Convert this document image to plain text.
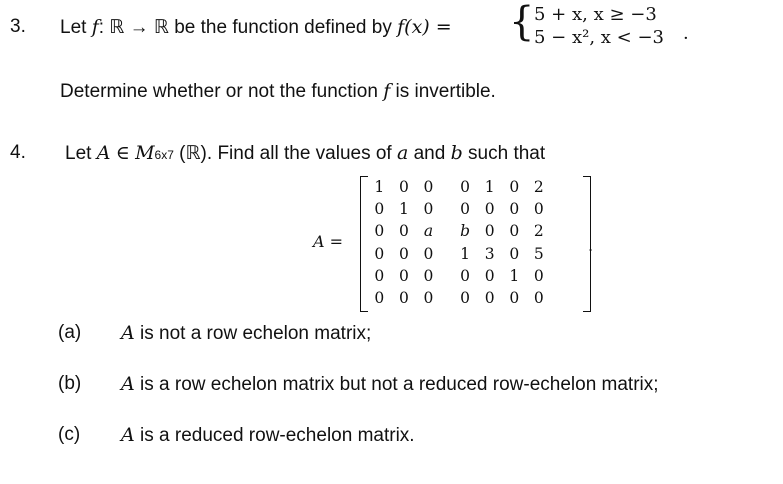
3. Let f: ℝ → ℝ be the function defined by f(x) = { 5 + x, x ≥ −3
5 − x², x < −3 ·
Determine whether or not the function f is invertible.
4. Let A ∈ M6x7 (ℝ). Find all the values of a and b such that
A =
1	0	0	0	1	0	2
0	1	0	0	0	0	0
0	0	a	b	0	0	2
0	0	0	1	3	0	5
0	0	0	0	0	1	0
0	0	0	0	0	0	0
.
(a) A is not a row echelon matrix;
(b) A is a row echelon matrix but not a reduced row-echelon matrix;
(c) A is a reduced row-echelon matrix.
